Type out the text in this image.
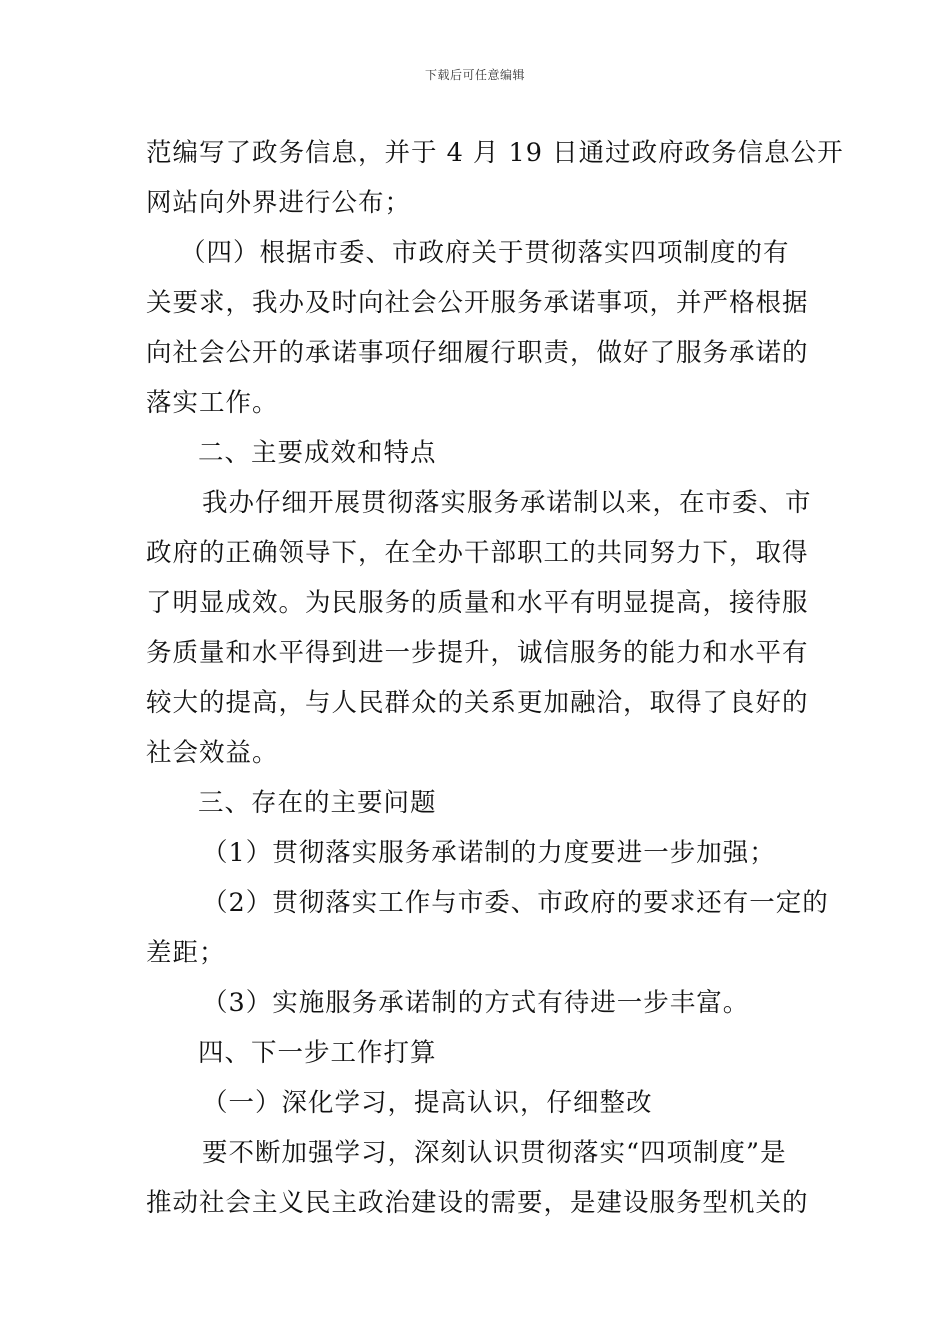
下载后可任意编辑
范编写了政务信息，并于 4 月 19 日通过政府政务信息公开
网站向外界进行公布；
（四）根据市委、市政府关于贯彻落实四项制度的有
关要求，我办及时向社会公开服务承诺事项，并严格根据
向社会公开的承诺事项仔细履行职责，做好了服务承诺的
落实工作。
二、主要成效和特点
我办仔细开展贯彻落实服务承诺制以来，在市委、市
政府的正确领导下，在全办干部职工的共同努力下，取得
了明显成效。为民服务的质量和水平有明显提高，接待服
务质量和水平得到进一步提升，诚信服务的能力和水平有
较大的提高，与人民群众的关系更加融洽，取得了良好的
社会效益。
三、存在的主要问题
（1）贯彻落实服务承诺制的力度要进一步加强；
（2）贯彻落实工作与市委、市政府的要求还有一定的
差距；
（3）实施服务承诺制的方式有待进一步丰富。
四、下一步工作打算
（一）深化学习，提高认识，仔细整改
要不断加强学习，深刻认识贯彻落实“四项制度”是
推动社会主义民主政治建设的需要，是建设服务型机关的
